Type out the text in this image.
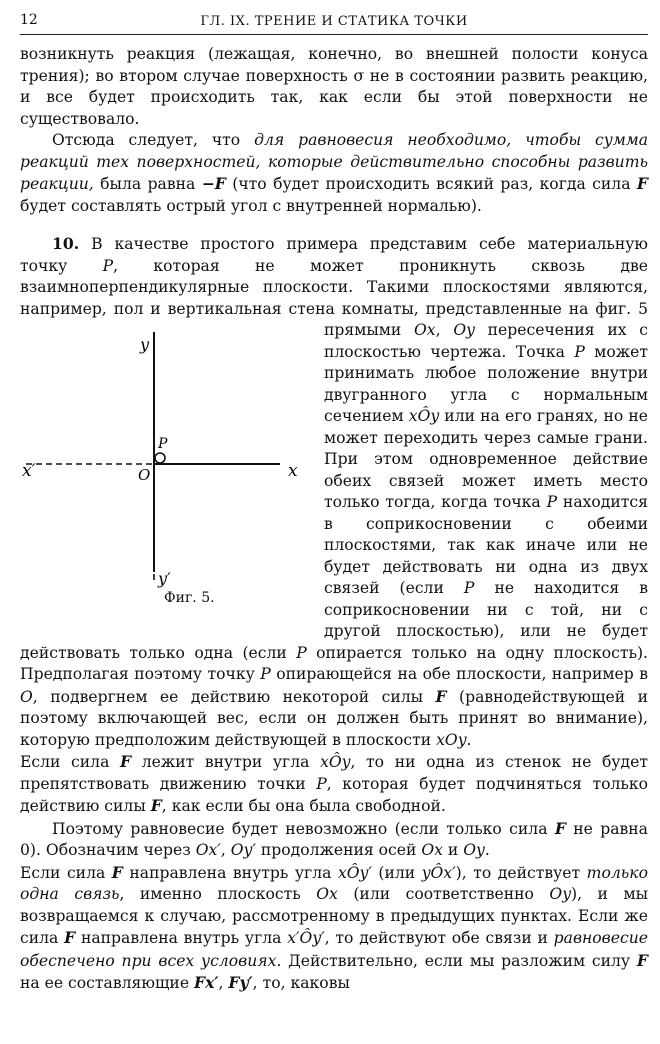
12	ГЛ. IX. ТРЕНИЕ И СТАТИКА ТОЧКИ

возникнуть реакция (лежащая, конечно, во внешней полости конуса трения); во втором случае поверхность σ не в состоянии развить реакцию, и все будет происходить так, как если бы этой поверхности не существовало.

Отсюда следует, что для равновесия необходимо, чтобы сумма реакций тех поверхностей, которые действительно способны развить реакции, была равна −F (что будет происходить всякий раз, когда сила F будет составлять острый угол с внутренней нормалью).

10. В качестве простого примера представим себе материальную точку P, которая не может проникнуть сквозь две взаимноперпендикулярные плоскости. Такими плоскостями являются, например, пол и вертикальная стена комнаты, представленные на фиг. 5 прямыми
y
y′
x
x′	O
P
Фиг. 5.
Ox, Oy пересечения их с плоскостью чертежа. Точка P может принимать любое положение внутри двугранного угла с нормальным сечением xÔy или на его гранях, но не может переходить через самые грани. При этом одновременное действие обеих связей может иметь место только тогда, когда точка P находится в соприкосновении с обеими плоскостями, так как иначе или не будет действовать ни одна из двух связей (если P не находится в соприкосновении ни с той, ни с другой плоскостью), или не будет действовать только одна (если P опирается только на одну плоскость). Предполагая поэтому точку P опирающейся на обе плоскости, например в O, подвергнем ее действию некоторой силы F (равнодействующей и поэтому включающей вес, если он должен быть принят во внимание), которую предположим действующей в плоскости xOy.

Если сила F лежит внутри угла xÔy, то ни одна из стенок не будет препятствовать движению точки P, которая будет подчиняться только действию силы F, как если бы она была свободной.

Поэтому равновесие будет невозможно (если только сила F не равна 0). Обозначим через Ox′, Oy′ продолжения осей Ox и Oy.

Если сила F направлена внутрь угла xÔy′ (или yÔx′), то действует только одна связь, именно плоскость Ox (или соответственно Oy), и мы возвращаемся к случаю, рассмотренному в предыдущих пунктах. Если же сила F направлена внутрь угла x′Ôy′, то действуют обе связи и равновесие обеспечено при всех условиях. Действительно, если мы разложим силу F на ее составляющие Fx′, Fy′, то, каковы
